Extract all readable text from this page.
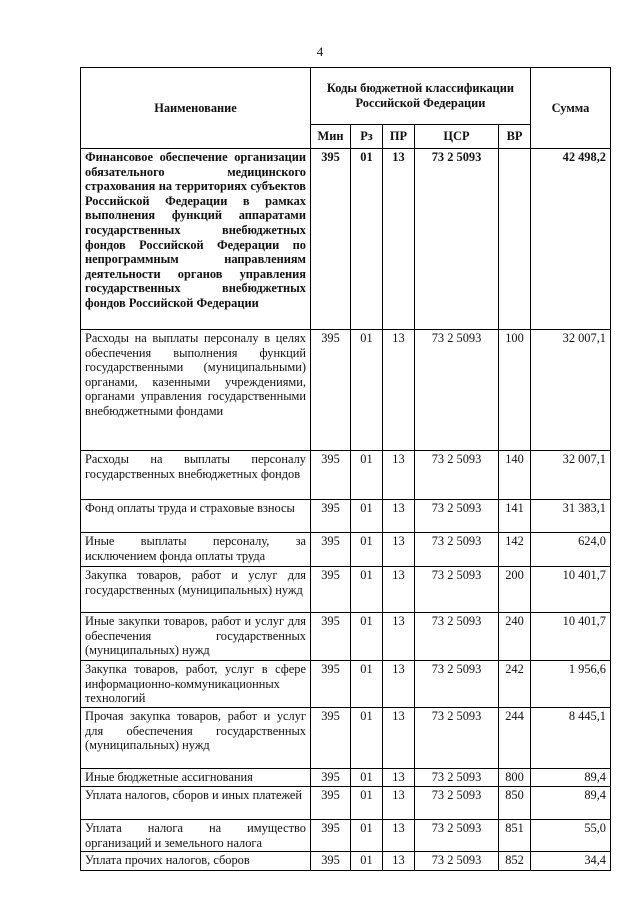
4
Наименование	Коды бюджетной классификации Российской Федерации					Сумма
	Мин	Рз	ПР	ЦСР	ВР	
Финансовое обеспечение организации обязательного медицинского страхования на территориях субъектов Российской Федерации в рамках выполнения функций аппаратами государственных внебюджетных фондов Российской Федерации по непрограммным направлениям деятельности органов управления государственных внебюджетных фондов Российской Федерации	395	01	13	73 2 5093		42 498,2
Расходы на выплаты персоналу в целях обеспечения выполнения функций государственными (муниципальными) органами, казенными учреждениями, органами управления государственными внебюджетными фондами	395	01	13	73 2 5093	100	32 007,1
Расходы на выплаты персоналу государственных внебюджетных фондов	395	01	13	73 2 5093	140	32 007,1
Фонд оплаты труда и страховые взносы	395	01	13	73 2 5093	141	31 383,1
Иные выплаты персоналу, за исключением фонда оплаты труда	395	01	13	73 2 5093	142	624,0
Закупка товаров, работ и услуг для государственных (муниципальных) нужд	395	01	13	73 2 5093	200	10 401,7
Иные закупки товаров, работ и услуг для обеспечения государственных (муниципальных) нужд	395	01	13	73 2 5093	240	10 401,7
Закупка товаров, работ, услуг в сфере информационно-коммуникационных технологий	395	01	13	73 2 5093	242	1 956,6
Прочая закупка товаров, работ и услуг для обеспечения государственных (муниципальных) нужд	395	01	13	73 2 5093	244	8 445,1
Иные бюджетные ассигнования	395	01	13	73 2 5093	800	89,4
Уплата налогов, сборов и иных платежей	395	01	13	73 2 5093	850	89,4
Уплата налога на имущество организаций и земельного налога	395	01	13	73 2 5093	851	55,0
Уплата прочих налогов, сборов	395	01	13	73 2 5093	852	34,4
